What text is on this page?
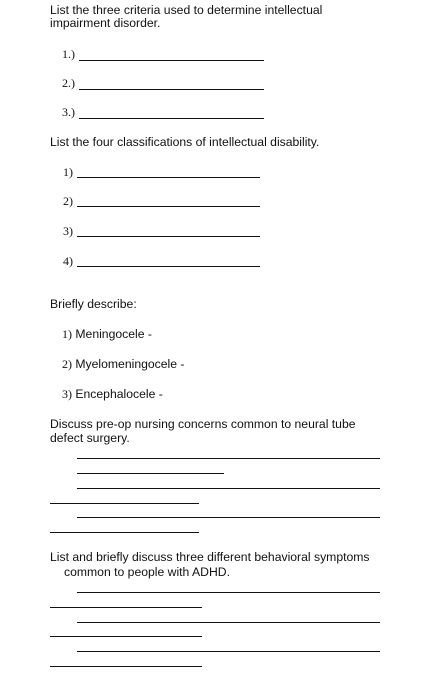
List the three criteria used to determine intellectual
impairment disorder.
1.)
2.)
3.)
List the four classifications of intellectual disability.
1)
2)
3)
4)
Briefly describe:
1) Meningocele -
2) Myelomeningocele -
3) Encephalocele -
Discuss pre-op nursing concerns common to neural tube
defect surgery.
List and briefly discuss three different behavioral symptoms
common to people with ADHD.
